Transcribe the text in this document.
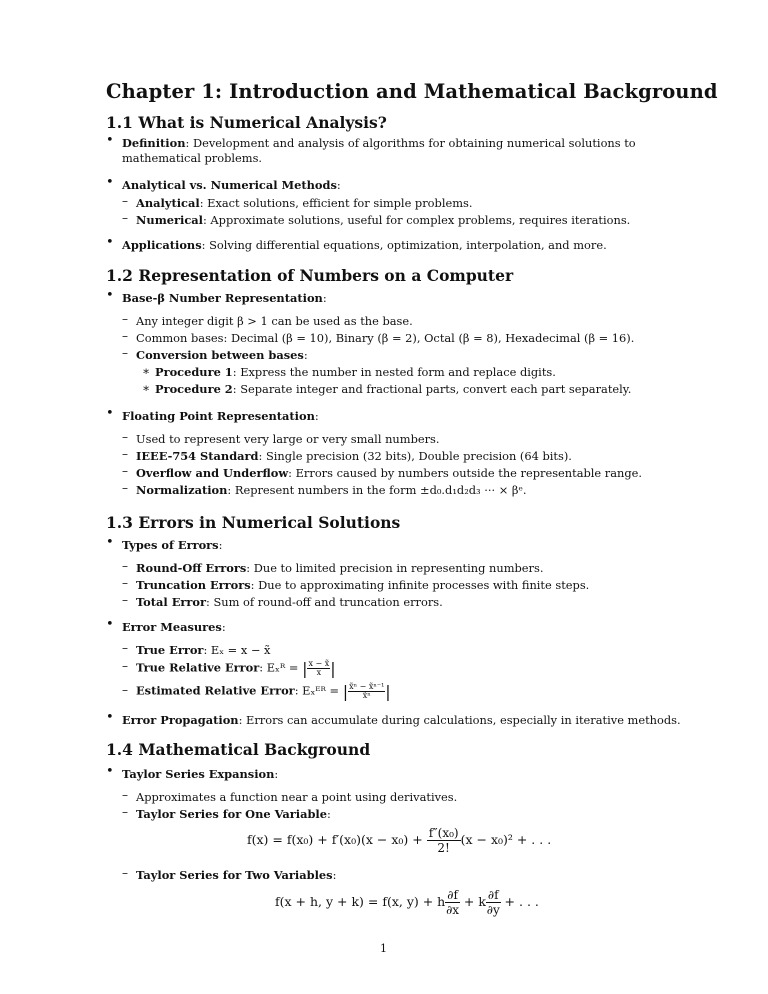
Chapter 1: Introduction and Mathematical Background
1.1 What is Numerical Analysis?
• Definition: Development and analysis of algorithms for obtaining numerical solutions to mathematical problems.
• Analytical vs. Numerical Methods:
– Analytical: Exact solutions, efficient for simple problems.
– Numerical: Approximate solutions, useful for complex problems, requires iterations.
• Applications: Solving differential equations, optimization, interpolation, and more.
1.2 Representation of Numbers on a Computer
• Base-β Number Representation:
– Any integer digit β > 1 can be used as the base.
– Common bases: Decimal (β = 10), Binary (β = 2), Octal (β = 8), Hexadecimal (β = 16).
– Conversion between bases:
∗ Procedure 1: Express the number in nested form and replace digits.
∗ Procedure 2: Separate integer and fractional parts, convert each part separately.
• Floating Point Representation:
– Used to represent very large or very small numbers.
– IEEE-754 Standard: Single precision (32 bits), Double precision (64 bits).
– Overflow and Underflow: Errors caused by numbers outside the representable range.
– Normalization: Represent numbers in the form ±d₀.d₁d₂d₃ ··· × βᵉ.
1.3 Errors in Numerical Solutions
• Types of Errors:
– Round-Off Errors: Due to limited precision in representing numbers.
– Truncation Errors: Due to approximating infinite processes with finite steps.
– Total Error: Sum of round-off and truncation errors.
• Error Measures:
– True Error: Eₓ = x − x̃
– True Relative Error: Eₓᴿ = | $\frac{x - x̃}{x}$ |
– Estimated Relative Error: Eₓᴱᴿ = | $\frac{\text{x̃ⁿ − x̃ⁿ⁻¹}}{\text{x̃ⁿ}}$ |
• Error Propagation: Errors can accumulate during calculations, especially in iterative methods.
1.4 Mathematical Background
• Taylor Series Expansion:
– Approximates a function near a point using derivatives.
– Taylor Series for One Variable:
$f(x) = f(x_0) + f'(x_0)(x - x_0) + \frac{\text{f″(x₀)}}{2!} (x - x_0)^2$ + . . .
– Taylor Series for Two Variables:
f(x + h, y + k) = f(x, y) + h $\frac{\partial f}{\partial x} + k \frac{\partial f}{\partial y}$ + . . .
1
